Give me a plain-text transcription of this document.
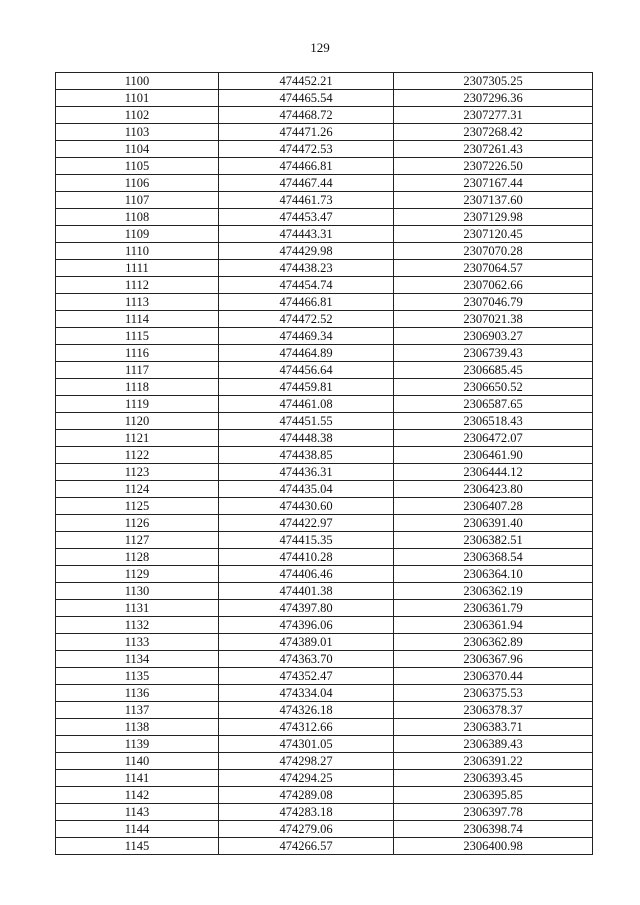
129
1100	474452.21	2307305.25
1101	474465.54	2307296.36
1102	474468.72	2307277.31
1103	474471.26	2307268.42
1104	474472.53	2307261.43
1105	474466.81	2307226.50
1106	474467.44	2307167.44
1107	474461.73	2307137.60
1108	474453.47	2307129.98
1109	474443.31	2307120.45
1110	474429.98	2307070.28
1111	474438.23	2307064.57
1112	474454.74	2307062.66
1113	474466.81	2307046.79
1114	474472.52	2307021.38
1115	474469.34	2306903.27
1116	474464.89	2306739.43
1117	474456.64	2306685.45
1118	474459.81	2306650.52
1119	474461.08	2306587.65
1120	474451.55	2306518.43
1121	474448.38	2306472.07
1122	474438.85	2306461.90
1123	474436.31	2306444.12
1124	474435.04	2306423.80
1125	474430.60	2306407.28
1126	474422.97	2306391.40
1127	474415.35	2306382.51
1128	474410.28	2306368.54
1129	474406.46	2306364.10
1130	474401.38	2306362.19
1131	474397.80	2306361.79
1132	474396.06	2306361.94
1133	474389.01	2306362.89
1134	474363.70	2306367.96
1135	474352.47	2306370.44
1136	474334.04	2306375.53
1137	474326.18	2306378.37
1138	474312.66	2306383.71
1139	474301.05	2306389.43
1140	474298.27	2306391.22
1141	474294.25	2306393.45
1142	474289.08	2306395.85
1143	474283.18	2306397.78
1144	474279.06	2306398.74
1145	474266.57	2306400.98
